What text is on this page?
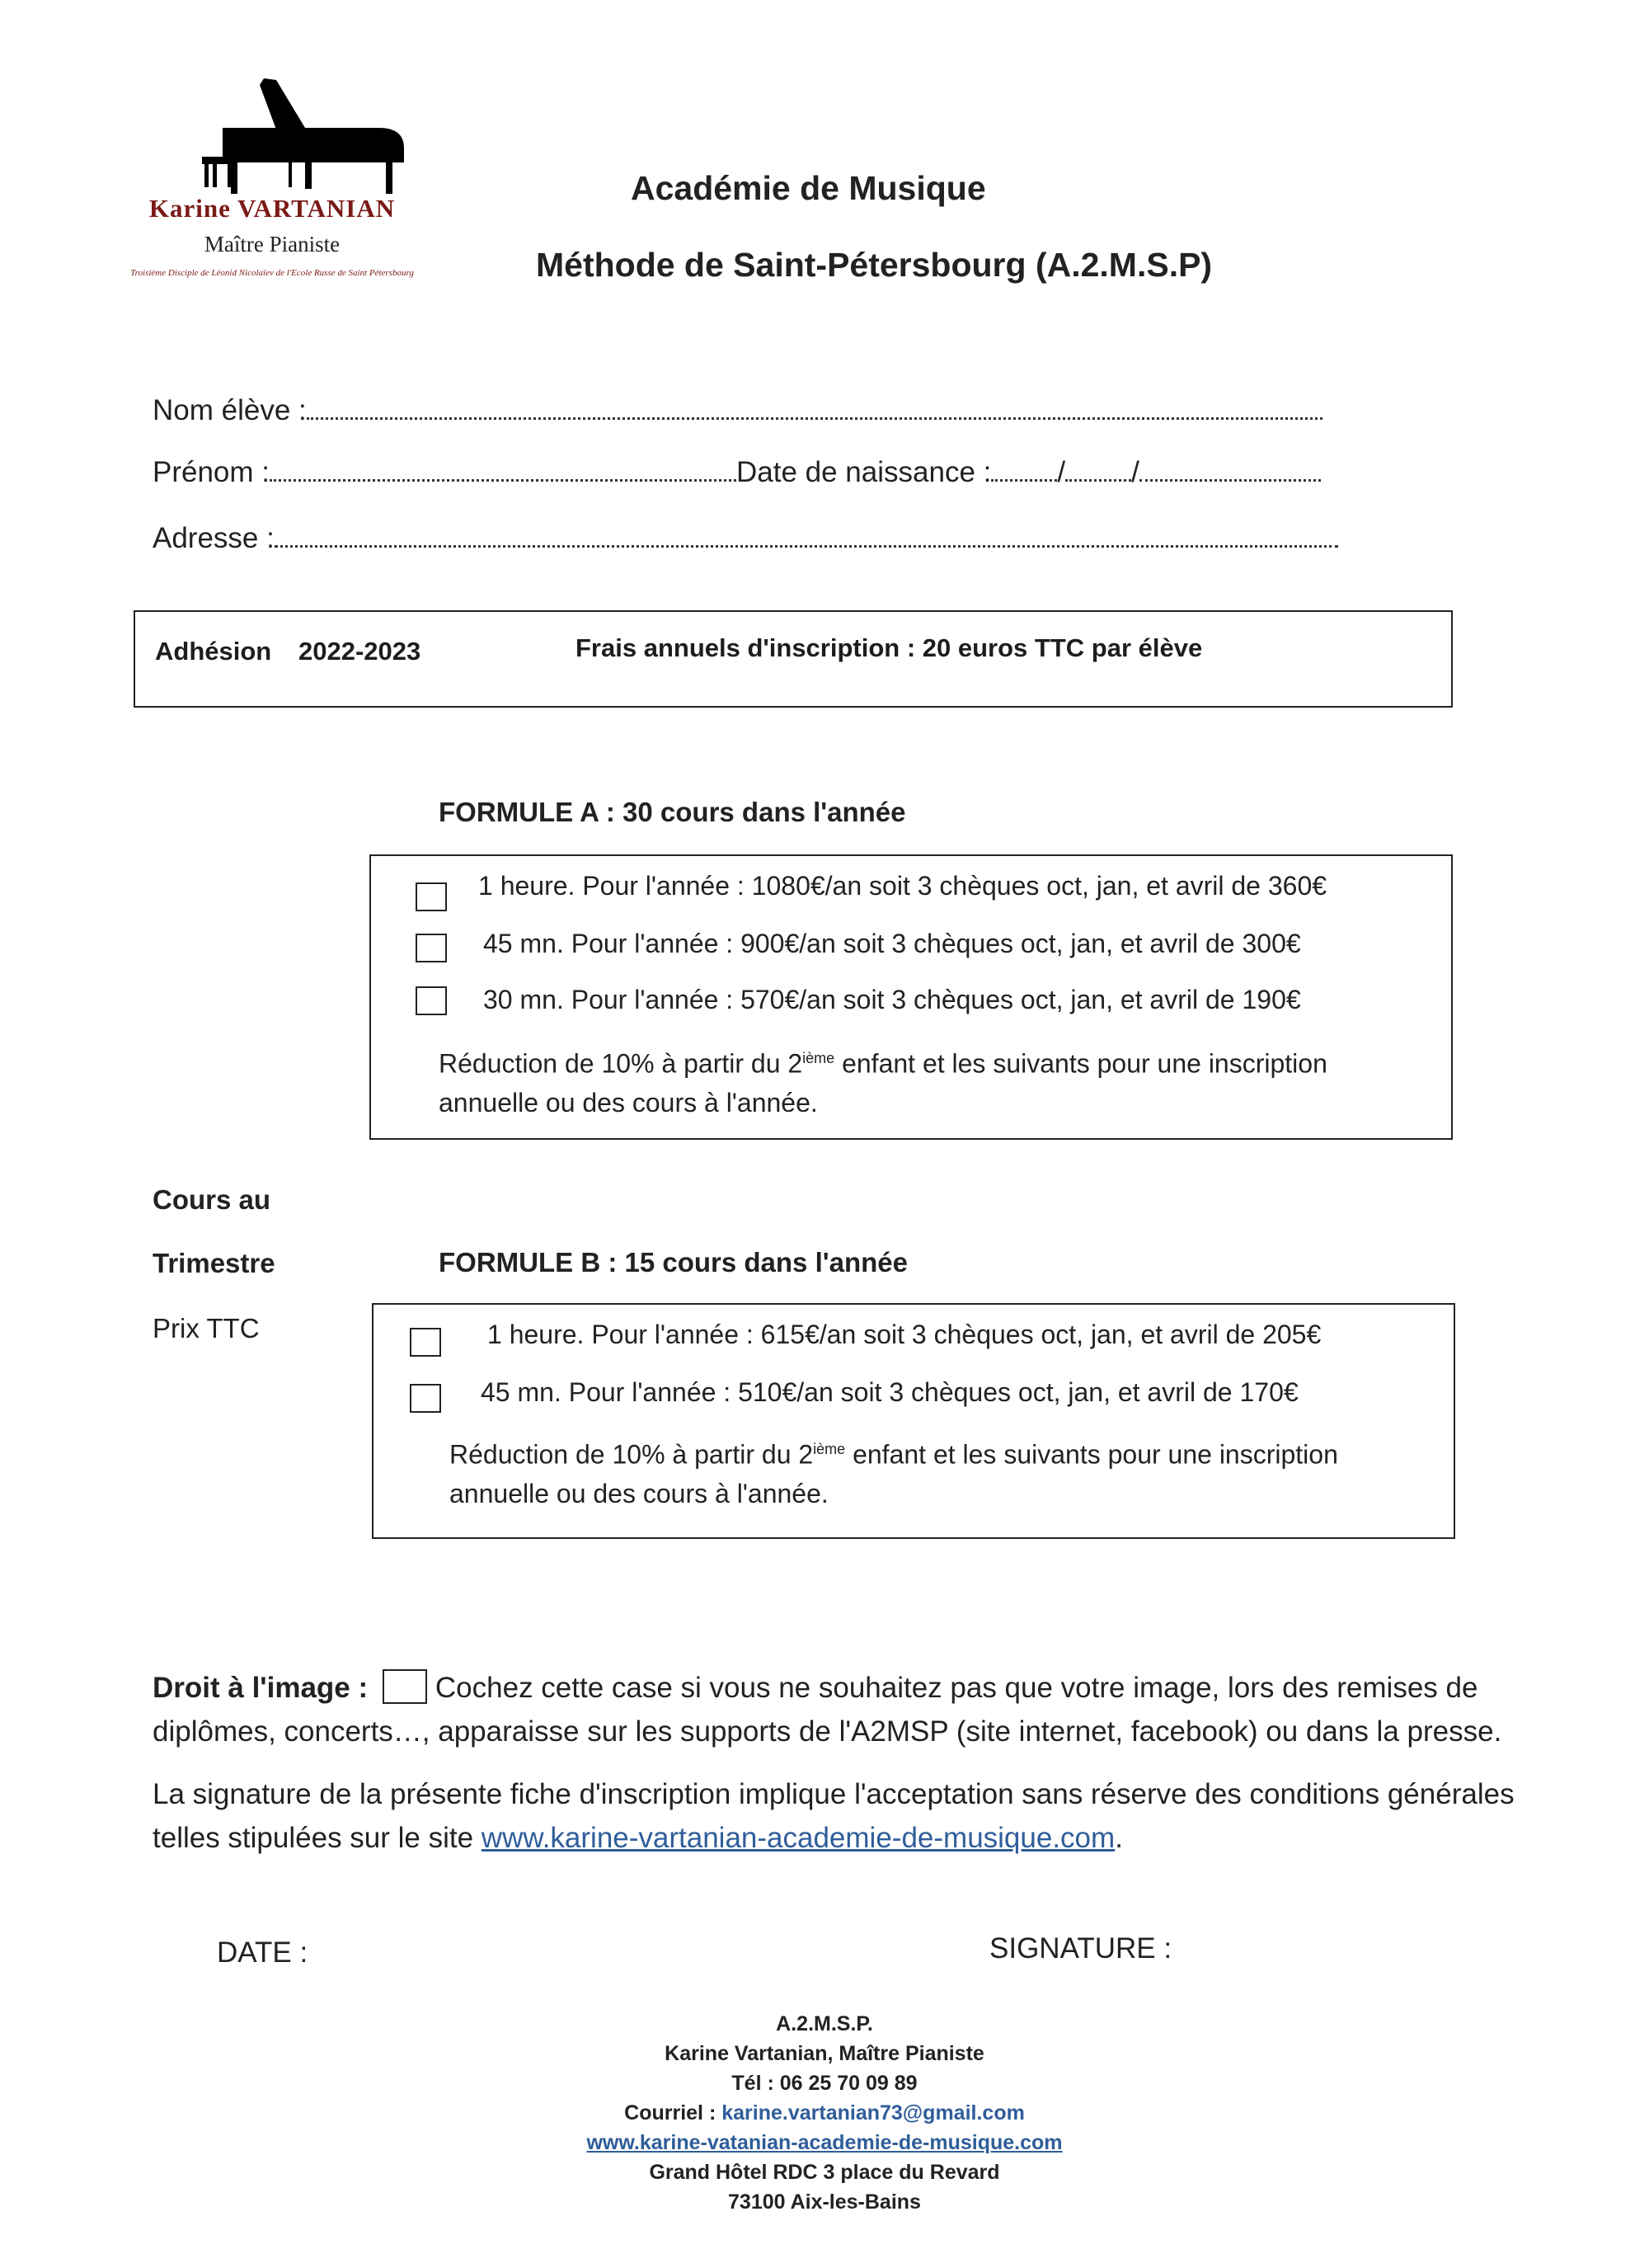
Karine VARTANIAN
Maître Pianiste
Troisième Disciple de Léonid Nicolaïev de l'Ecole Russe de Saint Pétersbourg
Académie de Musique
Méthode de Saint-Pétersbourg (A.2.M.S.P)
Nom élève :
Prénom :	Date de naissance : / /
Adresse :
Adhésion 2022-2023	Frais annuels d'inscription : 20 euros TTC par élève
FORMULE A : 30 cours dans l'année
1 heure. Pour l'année : 1080€/an soit 3 chèques oct, jan, et avril de 360€
45 mn. Pour l'année : 900€/an soit 3 chèques oct, jan, et avril de 300€
30 mn. Pour l'année : 570€/an soit 3 chèques oct, jan, et avril de 190€
Réduction de 10% à partir du 2ième enfant et les suivants pour une inscription
annuelle ou des cours à l'année.
Cours au
Trimestre
Prix TTC
FORMULE B : 15 cours dans l'année
1 heure. Pour l'année : 615€/an soit 3 chèques oct, jan, et avril de 205€
45 mn. Pour l'année : 510€/an soit 3 chèques oct, jan, et avril de 170€
Réduction de 10% à partir du 2ième enfant et les suivants pour une inscription
annuelle ou des cours à l'année.
Droit à l'image : Cochez cette case si vous ne souhaitez pas que votre image, lors des remises de
diplômes, concerts…, apparaisse sur les supports de l'A2MSP (site internet, facebook) ou dans la presse.
La signature de la présente fiche d'inscription implique l'acceptation sans réserve des conditions générales
telles stipulées sur le site www.karine-vartanian-academie-de-musique.com.
DATE :	SIGNATURE :
A.2.M.S.P.
Karine Vartanian, Maître Pianiste
Tél : 06 25 70 09 89
Courriel : karine.vartanian73@gmail.com
www.karine-vatanian-academie-de-musique.com
Grand Hôtel RDC 3 place du Revard
73100 Aix-les-Bains
